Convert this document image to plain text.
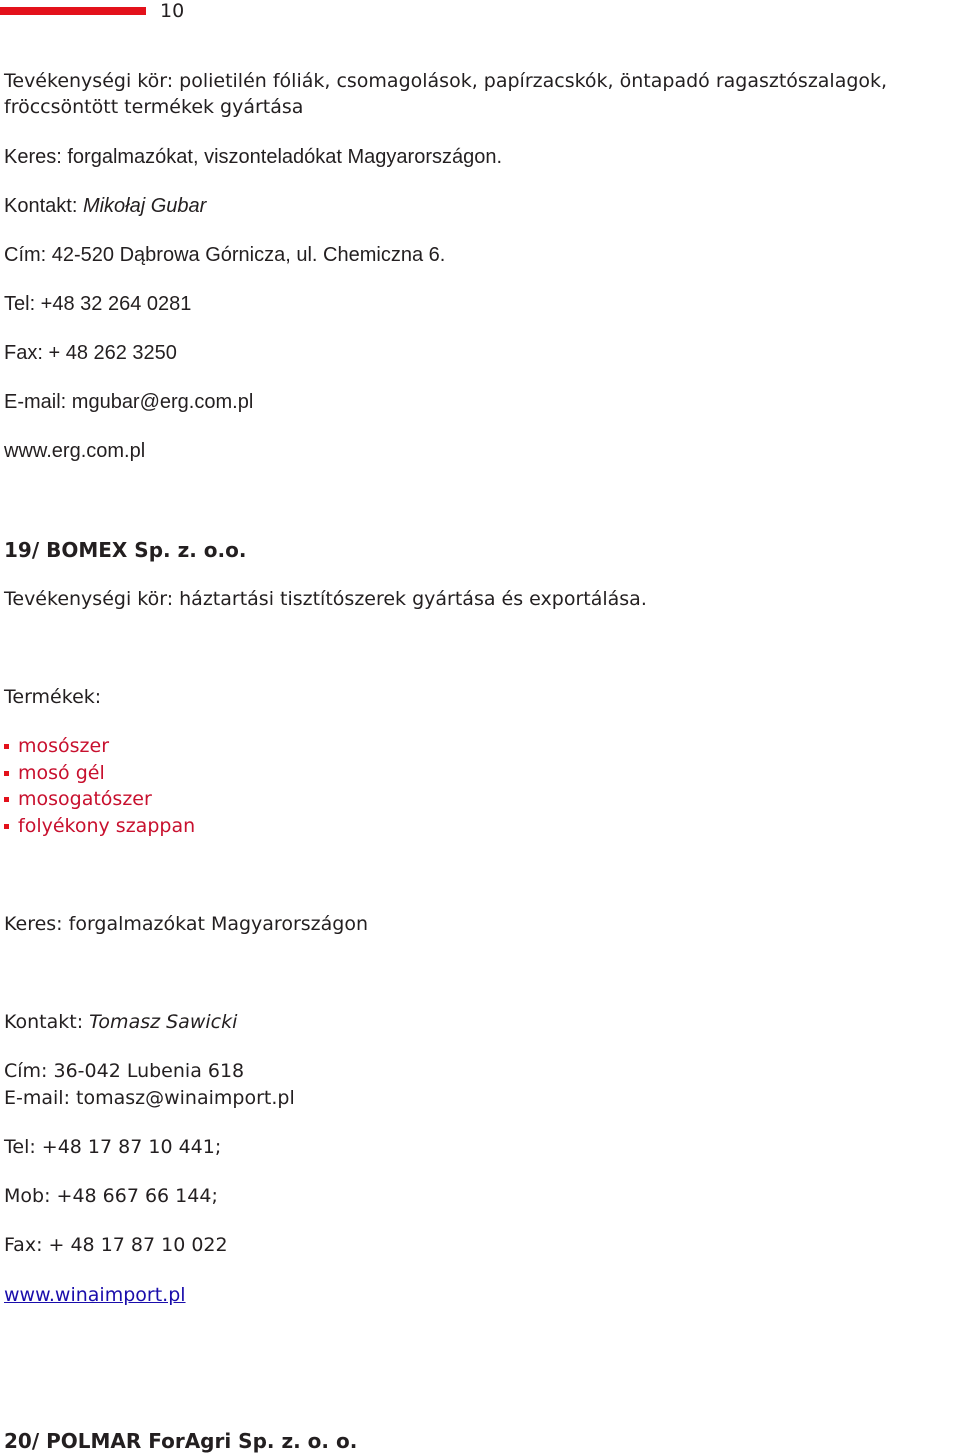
10
Tevékenységi kör: polietilén fóliák, csomagolások, papírzacskók, öntapadó ragasztószalagok, fröccsöntött termékek gyártása
Keres: forgalmazókat, viszonteladókat Magyarországon.
Kontakt: Mikołaj Gubar
Cím: 42-520 Dąbrowa Górnicza, ul. Chemiczna 6.
Tel: +48 32 264 0281
Fax: + 48 262 3250
E-mail: mgubar@erg.com.pl
www.erg.com.pl
19/ BOMEX Sp. z. o.o.
Tevékenységi kör: háztartási tisztítószerek gyártása és exportálása.
Termékek:
mosószer
mosó gél
mosogatószer
folyékony szappan
Keres: forgalmazókat Magyarországon
Kontakt: Tomasz Sawicki
Cím: 36-042 Lubenia 618
E-mail: tomasz@winaimport.pl
Tel: +48 17 87 10 441;
Mob: +48 667 66 144;
Fax: + 48 17 87 10 022
www.winaimport.pl
20/ POLMAR ForAgri Sp. z. o. o.
